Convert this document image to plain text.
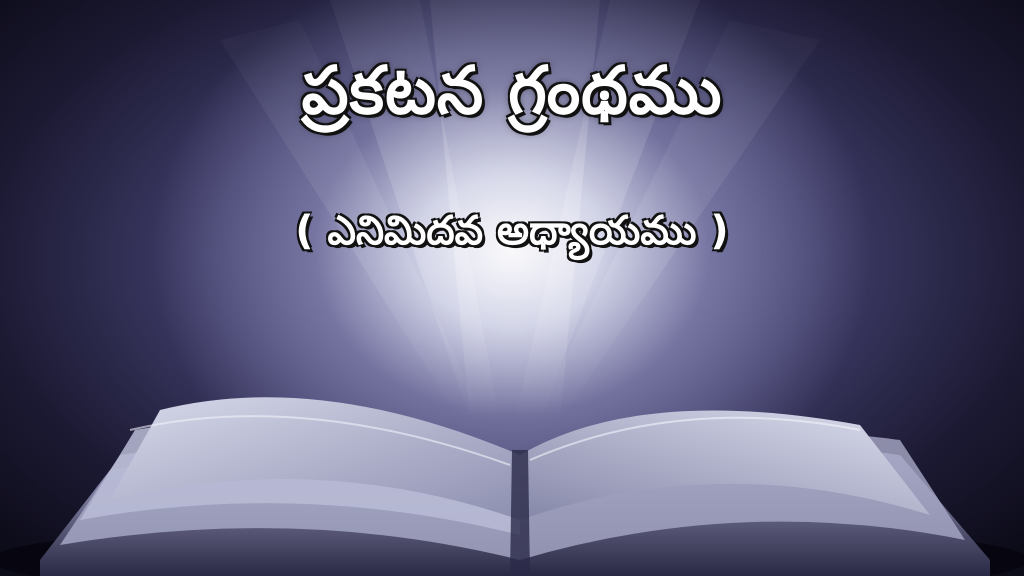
ప్రకటన గ్రంథము
( ఎనిమిదవ అధ్యాయము )
